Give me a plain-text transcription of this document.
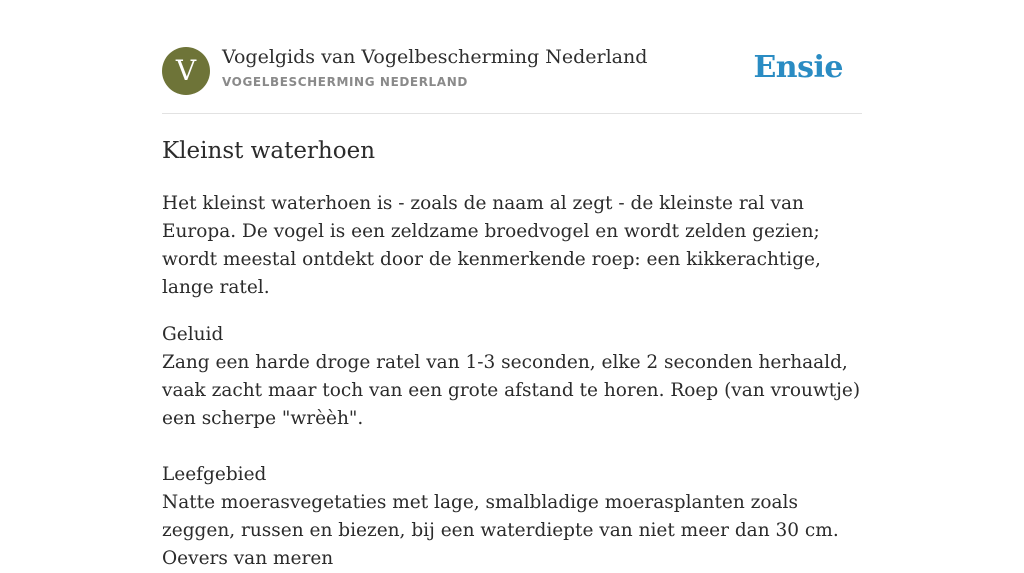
V	Vogelgids van Vogelbescherming Nederland
VOGELBESCHERMING NEDERLAND	Ensie
Kleinst waterhoen

Het kleinst waterhoen is - zoals de naam al zegt - de kleinste ral van Europa. De vogel is een zeldzame broedvogel en wordt zelden gezien; wordt meestal ontdekt door de kenmerkende roep: een kikkerachtige, lange ratel.

Geluid
Zang een harde droge ratel van 1-3 seconden, elke 2 seconden herhaald, vaak zacht maar toch van een grote afstand te horen. Roep (van vrouwtje) een scherpe "wrèèh".
Leefgebied
Natte moerasvegetaties met lage, smalbladige moerasplanten zoals zeggen, russen en biezen, bij een waterdiepte van niet meer dan 30 cm. Oevers van meren
